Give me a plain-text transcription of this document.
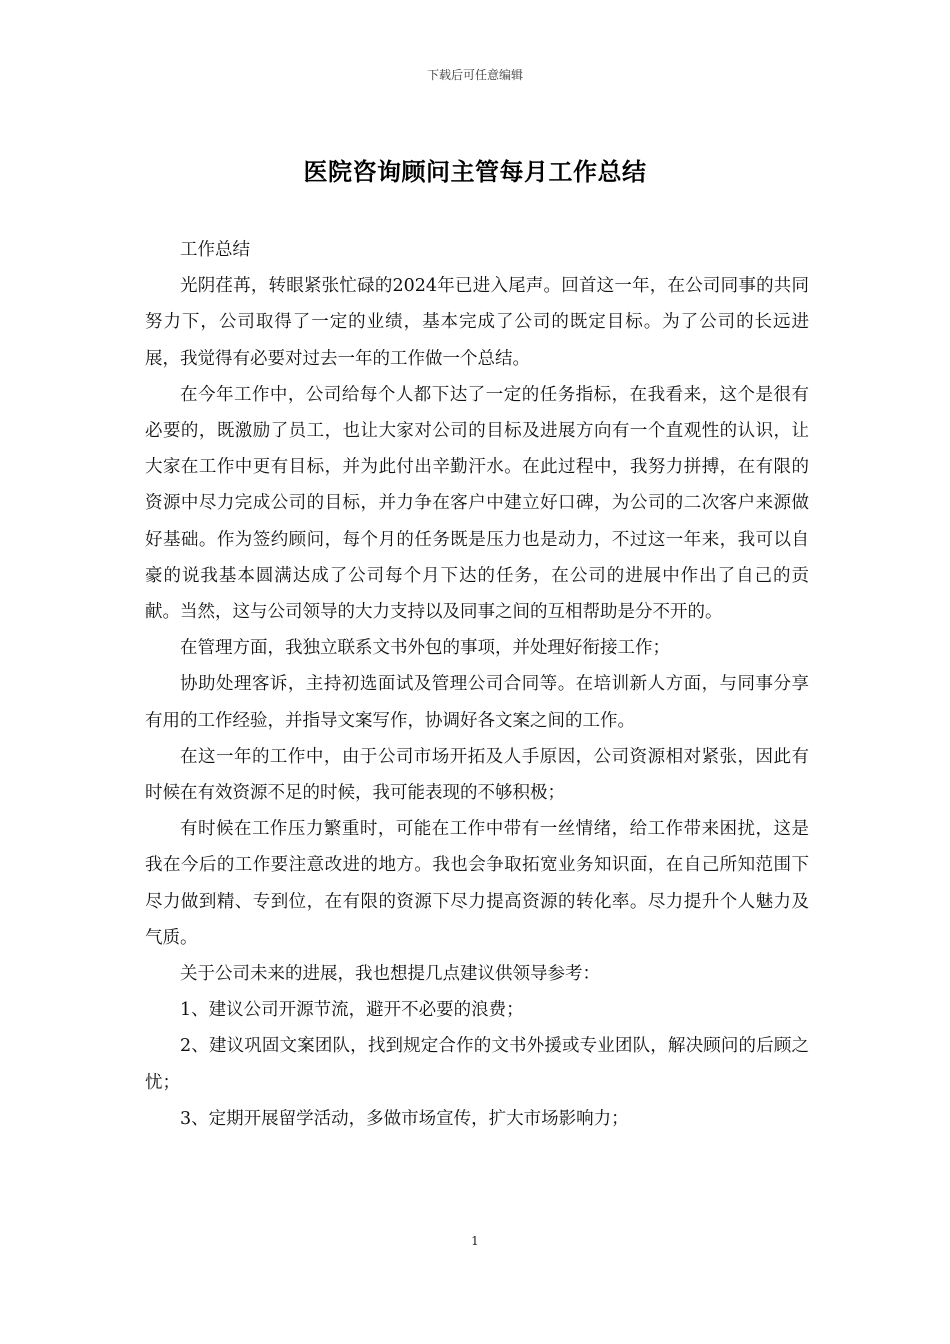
下载后可任意编辑
医院咨询顾问主管每月工作总结

工作总结

光阴荏苒，转眼紧张忙碌的2024年已进入尾声。回首这一年，在公司同事的共同努力下，公司取得了一定的业绩，基本完成了公司的既定目标。为了公司的长远进展，我觉得有必要对过去一年的工作做一个总结。

在今年工作中，公司给每个人都下达了一定的任务指标，在我看来，这个是很有必要的，既激励了员工，也让大家对公司的目标及进展方向有一个直观性的认识，让大家在工作中更有目标，并为此付出辛勤汗水。在此过程中，我努力拼搏，在有限的资源中尽力完成公司的目标，并力争在客户中建立好口碑，为公司的二次客户来源做好基础。作为签约顾问，每个月的任务既是压力也是动力，不过这一年来，我可以自豪的说我基本圆满达成了公司每个月下达的任务，在公司的进展中作出了自己的贡献。当然，这与公司领导的大力支持以及同事之间的互相帮助是分不开的。

在管理方面，我独立联系文书外包的事项，并处理好衔接工作；

协助处理客诉，主持初选面试及管理公司合同等。在培训新人方面，与同事分享有用的工作经验，并指导文案写作，协调好各文案之间的工作。

在这一年的工作中，由于公司市场开拓及人手原因，公司资源相对紧张，因此有时候在有效资源不足的时候，我可能表现的不够积极；

有时候在工作压力繁重时，可能在工作中带有一丝情绪，给工作带来困扰，这是我在今后的工作要注意改进的地方。我也会争取拓宽业务知识面，在自己所知范围下尽力做到精、专到位，在有限的资源下尽力提高资源的转化率。尽力提升个人魅力及气质。

关于公司未来的进展，我也想提几点建议供领导参考：

1、建议公司开源节流，避开不必要的浪费；

2、建议巩固文案团队，找到规定合作的文书外援或专业团队，解决顾问的后顾之忧；

3、定期开展留学活动，多做市场宣传，扩大市场影响力；

1
